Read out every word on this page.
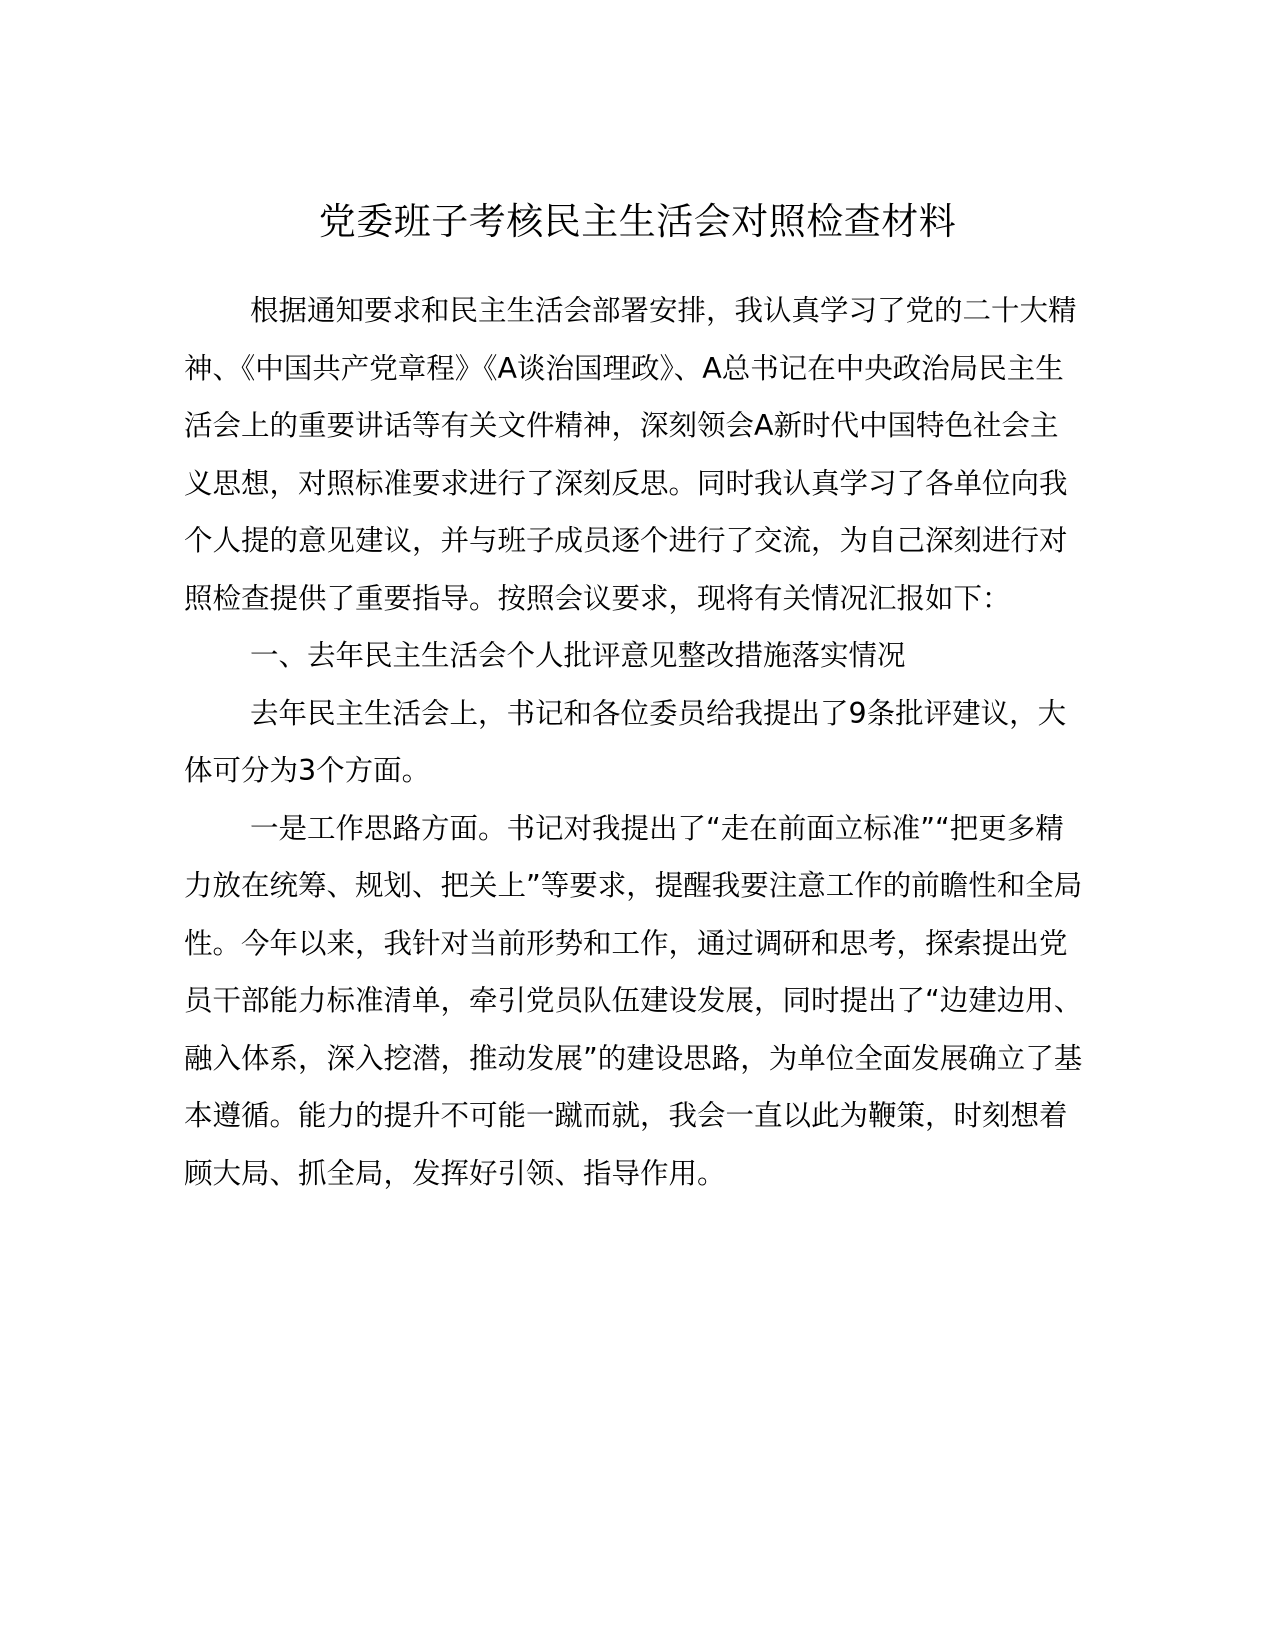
党委班子考核民主生活会对照检查材料

根据通知要求和民主生活会部署安排，我认真学习了党的二十大精神、《中国共产党章程》《A谈治国理政》、A总书记在中央政治局民主生活会上的重要讲话等有关文件精神，深刻领会A新时代中国特色社会主义思想，对照标准要求进行了深刻反思。同时我认真学习了各单位向我个人提的意见建议，并与班子成员逐个进行了交流，为自己深刻进行对照检查提供了重要指导。按照会议要求，现将有关情况汇报如下：

一、去年民主生活会个人批评意见整改措施落实情况

去年民主生活会上，书记和各位委员给我提出了9条批评建议，大体可分为3个方面。

一是工作思路方面。书记对我提出了“走在前面立标准”“把更多精力放在统筹、规划、把关上”等要求，提醒我要注意工作的前瞻性和全局性。今年以来，我针对当前形势和工作，通过调研和思考，探索提出党员干部能力标准清单，牵引党员队伍建设发展，同时提出了“边建边用、融入体系，深入挖潜，推动发展”的建设思路，为单位全面发展确立了基本遵循。能力的提升不可能一蹴而就，我会一直以此为鞭策，时刻想着顾大局、抓全局，发挥好引领、指导作用。
